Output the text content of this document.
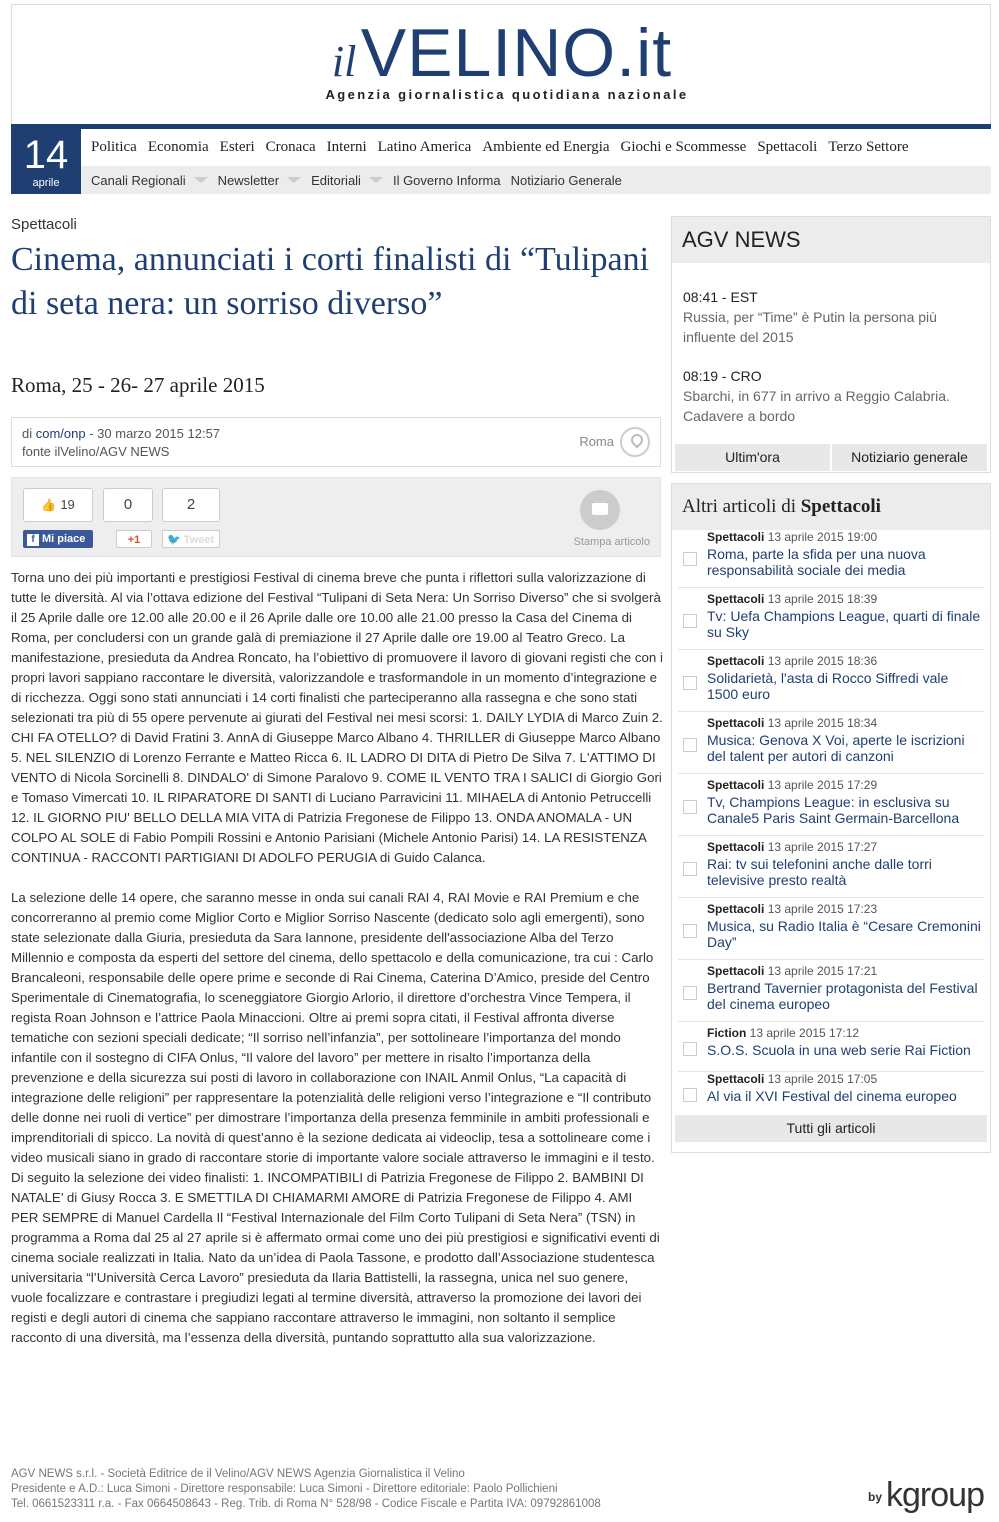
il VELINO.it
Agenzia giornalistica quotidiana nazionale
14
aprile
Politica Economia Esteri Cronaca Interni Latino America Ambiente ed Energia Giochi e Scommesse Spettacoli Terzo Settore
Canali Regionali Newsletter Editoriali Il Governo Informa Notiziario Generale
Spettacoli
Cinema, annunciati i corti finalisti di “Tulipani di seta nera: un sorriso diverso”
Roma, 25 - 26- 27 aprile 2015
di com/onp - 30 marzo 2015 12:57
fonte ilVelino/AGV NEWS
Roma
👍 19
f Mi piace
0
+1
2
🐦 Tweet	Stampa articolo

Torna uno dei più importanti e prestigiosi Festival di cinema breve che punta i riflettori sulla valorizzazione di tutte le diversità. Al via l’ottava edizione del Festival “Tulipani di Seta Nera: Un Sorriso Diverso” che si svolgerà il 25 Aprile dalle ore 12.00 alle 20.00 e il 26 Aprile dalle ore 10.00 alle 21.00 presso la Casa del Cinema di Roma, per concludersi con un grande galà di premiazione il 27 Aprile dalle ore 19.00 al Teatro Greco. La manifestazione, presieduta da Andrea Roncato, ha l’obiettivo di promuovere il lavoro di giovani registi che con i propri lavori sappiano raccontare le diversità, valorizzandole e trasformandole in un momento d’integrazione e di ricchezza. Oggi sono stati annunciati i 14 corti finalisti che parteciperanno alla rassegna e che sono stati selezionati tra più di 55 opere pervenute ai giurati del Festival nei mesi scorsi: 1. DAILY LYDIA di Marco Zuin 2. CHI FA OTELLO? di David Fratini 3. AnnA di Giuseppe Marco Albano 4. THRILLER di Giuseppe Marco Albano 5. NEL SILENZIO di Lorenzo Ferrante e Matteo Ricca 6. IL LADRO DI DITA di Pietro De Silva 7. L'ATTIMO DI VENTO di Nicola Sorcinelli 8. DINDALO' di Simone Paralovo 9. COME IL VENTO TRA I SALICI di Giorgio Gori e Tomaso Vimercati 10. IL RIPARATORE DI SANTI di Luciano Parravicini 11. MIHAELA di Antonio Petruccelli 12. IL GIORNO PIU' BELLO DELLA MIA VITA di Patrizia Fregonese de Filippo 13. ONDA ANOMALA - UN COLPO AL SOLE di Fabio Pompili Rossini e Antonio Parisiani (Michele Antonio Parisi) 14. LA RESISTENZA CONTINUA - RACCONTI PARTIGIANI DI ADOLFO PERUGIA di Guido Calanca.

La selezione delle 14 opere, che saranno messe in onda sui canali RAI 4, RAI Movie e RAI Premium e che concorreranno al premio come Miglior Corto e Miglior Sorriso Nascente (dedicato solo agli emergenti), sono state selezionate dalla Giuria, presieduta da Sara Iannone, presidente dell'associazione Alba del Terzo Millennio e composta da esperti del settore del cinema, dello spettacolo e della comunicazione, tra cui : Carlo Brancaleoni, responsabile delle opere prime e seconde di Rai Cinema, Caterina D’Amico, preside del Centro Sperimentale di Cinematografia, lo sceneggiatore Giorgio Arlorio, il direttore d’orchestra Vince Tempera, il regista Roan Johnson e l’attrice Paola Minaccioni. Oltre ai premi sopra citati, il Festival affronta diverse tematiche con sezioni speciali dedicate; “Il sorriso nell’infanzia”, per sottolineare l’importanza del mondo infantile con il sostegno di CIFA Onlus, “Il valore del lavoro” per mettere in risalto l’importanza della prevenzione e della sicurezza sui posti di lavoro in collaborazione con INAIL Anmil Onlus, “La capacità di integrazione delle religioni” per rappresentare la potenzialità delle religioni verso l’integrazione e “Il contributo delle donne nei ruoli di vertice” per dimostrare l’importanza della presenza femminile in ambiti professionali e imprenditoriali di spicco. La novità di quest’anno è la sezione dedicata ai videoclip, tesa a sottolineare come i video musicali siano in grado di raccontare storie di importante valore sociale attraverso le immagini e il testo. Di seguito la selezione dei video finalisti: 1. INCOMPATIBILI di Patrizia Fregonese de Filippo 2. BAMBINI DI NATALE’ di Giusy Rocca 3. E SMETTILA DI CHIAMARMI AMORE di Patrizia Fregonese de Filippo 4. AMI PER SEMPRE di Manuel Cardella Il “Festival Internazionale del Film Corto Tulipani di Seta Nera” (TSN) in programma a Roma dal 25 al 27 aprile si è affermato ormai come uno dei più prestigiosi e significativi eventi di cinema sociale realizzati in Italia. Nato da un’idea di Paola Tassone, e prodotto dall’Associazione studentesca universitaria “l’Università Cerca Lavoro” presieduta da Ilaria Battistelli, la rassegna, unica nel suo genere, vuole focalizzare e contrastare i pregiudizi legati al termine diversità, attraverso la promozione dei lavori dei registi e degli autori di cinema che sappiano raccontare attraverso le immagini, non soltanto il semplice racconto di una diversità, ma l’essenza della diversità, puntando soprattutto alla sua valorizzazione.

AGV NEWS
08:41 - EST
Russia, per “Time” è Putin la persona più influente del 2015
08:19 - CRO
Sbarchi, in 677 in arrivo a Reggio Calabria. Cadavere a bordo
Ultim'ora	Notiziario generale
Altri articoli di Spettacoli
Spettacoli 13 aprile 2015 19:00
Roma, parte la sfida per una nuova responsabilità sociale dei media
Spettacoli 13 aprile 2015 18:39
Tv: Uefa Champions League, quarti di finale su Sky
Spettacoli 13 aprile 2015 18:36
Solidarietà, l'asta di Rocco Siffredi vale 1500 euro
Spettacoli 13 aprile 2015 18:34
Musica: Genova X Voi, aperte le iscrizioni del talent per autori di canzoni
Spettacoli 13 aprile 2015 17:29
Tv, Champions League: in esclusiva su Canale5 Paris Saint Germain-Barcellona
Spettacoli 13 aprile 2015 17:27
Rai: tv sui telefonini anche dalle torri televisive presto realtà
Spettacoli 13 aprile 2015 17:23
Musica, su Radio Italia è “Cesare Cremonini Day”
Spettacoli 13 aprile 2015 17:21
Bertrand Tavernier protagonista del Festival del cinema europeo
Fiction 13 aprile 2015 17:12
S.O.S. Scuola in una web serie Rai Fiction
Spettacoli 13 aprile 2015 17:05
Al via il XVI Festival del cinema europeo
Tutti gli articoli
AGV NEWS s.r.l. - Società Editrice de il Velino/AGV NEWS Agenzia Giornalistica il Velino
Presidente e A.D.: Luca Simoni - Direttore responsabile: Luca Simoni - Direttore editoriale: Paolo Pollichieni
Tel. 0661523311 r.a. - Fax 0664508643 - Reg. Trib. di Roma N° 528/98 - Codice Fiscale e Partita IVA: 09792861008	by kgroup
